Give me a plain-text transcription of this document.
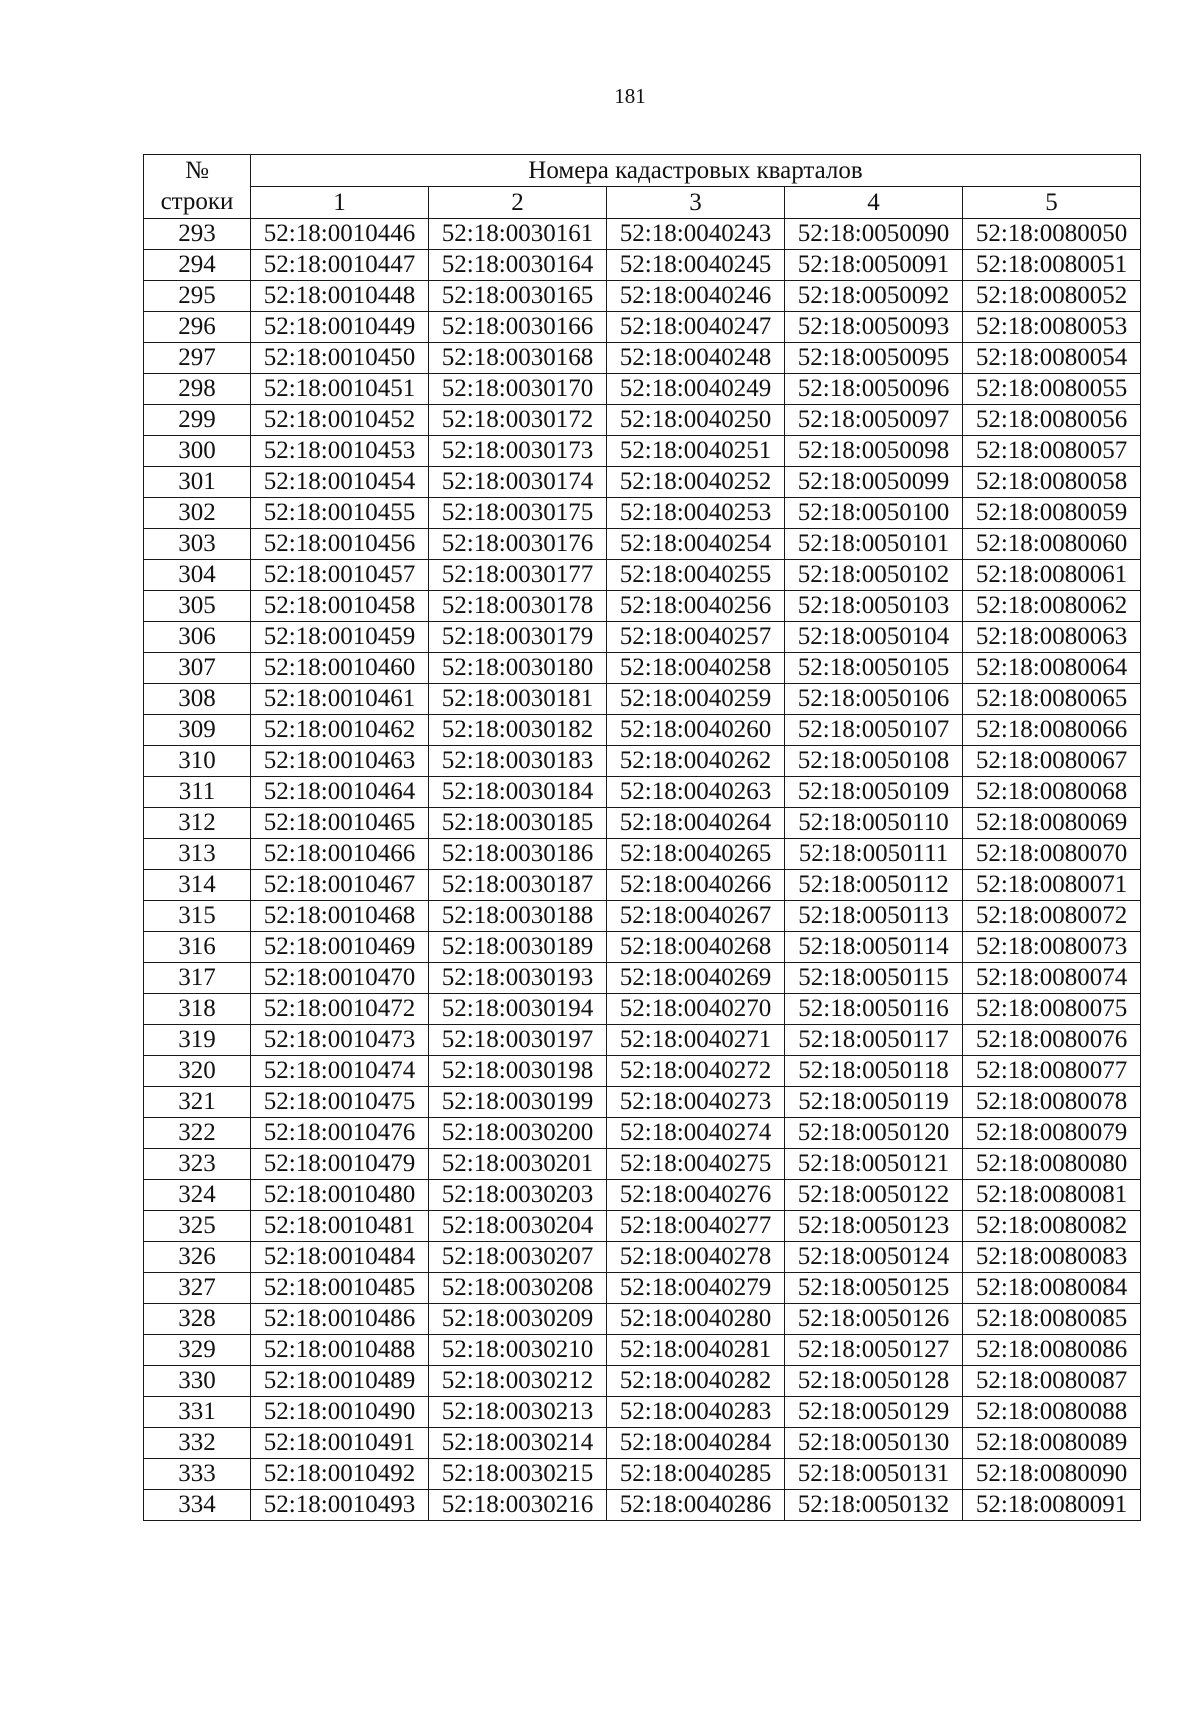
181
№
строки	Номера кадастровых кварталов				
	1	2	3	4	5
293	52:18:0010446	52:18:0030161	52:18:0040243	52:18:0050090	52:18:0080050
294	52:18:0010447	52:18:0030164	52:18:0040245	52:18:0050091	52:18:0080051
295	52:18:0010448	52:18:0030165	52:18:0040246	52:18:0050092	52:18:0080052
296	52:18:0010449	52:18:0030166	52:18:0040247	52:18:0050093	52:18:0080053
297	52:18:0010450	52:18:0030168	52:18:0040248	52:18:0050095	52:18:0080054
298	52:18:0010451	52:18:0030170	52:18:0040249	52:18:0050096	52:18:0080055
299	52:18:0010452	52:18:0030172	52:18:0040250	52:18:0050097	52:18:0080056
300	52:18:0010453	52:18:0030173	52:18:0040251	52:18:0050098	52:18:0080057
301	52:18:0010454	52:18:0030174	52:18:0040252	52:18:0050099	52:18:0080058
302	52:18:0010455	52:18:0030175	52:18:0040253	52:18:0050100	52:18:0080059
303	52:18:0010456	52:18:0030176	52:18:0040254	52:18:0050101	52:18:0080060
304	52:18:0010457	52:18:0030177	52:18:0040255	52:18:0050102	52:18:0080061
305	52:18:0010458	52:18:0030178	52:18:0040256	52:18:0050103	52:18:0080062
306	52:18:0010459	52:18:0030179	52:18:0040257	52:18:0050104	52:18:0080063
307	52:18:0010460	52:18:0030180	52:18:0040258	52:18:0050105	52:18:0080064
308	52:18:0010461	52:18:0030181	52:18:0040259	52:18:0050106	52:18:0080065
309	52:18:0010462	52:18:0030182	52:18:0040260	52:18:0050107	52:18:0080066
310	52:18:0010463	52:18:0030183	52:18:0040262	52:18:0050108	52:18:0080067
311	52:18:0010464	52:18:0030184	52:18:0040263	52:18:0050109	52:18:0080068
312	52:18:0010465	52:18:0030185	52:18:0040264	52:18:0050110	52:18:0080069
313	52:18:0010466	52:18:0030186	52:18:0040265	52:18:0050111	52:18:0080070
314	52:18:0010467	52:18:0030187	52:18:0040266	52:18:0050112	52:18:0080071
315	52:18:0010468	52:18:0030188	52:18:0040267	52:18:0050113	52:18:0080072
316	52:18:0010469	52:18:0030189	52:18:0040268	52:18:0050114	52:18:0080073
317	52:18:0010470	52:18:0030193	52:18:0040269	52:18:0050115	52:18:0080074
318	52:18:0010472	52:18:0030194	52:18:0040270	52:18:0050116	52:18:0080075
319	52:18:0010473	52:18:0030197	52:18:0040271	52:18:0050117	52:18:0080076
320	52:18:0010474	52:18:0030198	52:18:0040272	52:18:0050118	52:18:0080077
321	52:18:0010475	52:18:0030199	52:18:0040273	52:18:0050119	52:18:0080078
322	52:18:0010476	52:18:0030200	52:18:0040274	52:18:0050120	52:18:0080079
323	52:18:0010479	52:18:0030201	52:18:0040275	52:18:0050121	52:18:0080080
324	52:18:0010480	52:18:0030203	52:18:0040276	52:18:0050122	52:18:0080081
325	52:18:0010481	52:18:0030204	52:18:0040277	52:18:0050123	52:18:0080082
326	52:18:0010484	52:18:0030207	52:18:0040278	52:18:0050124	52:18:0080083
327	52:18:0010485	52:18:0030208	52:18:0040279	52:18:0050125	52:18:0080084
328	52:18:0010486	52:18:0030209	52:18:0040280	52:18:0050126	52:18:0080085
329	52:18:0010488	52:18:0030210	52:18:0040281	52:18:0050127	52:18:0080086
330	52:18:0010489	52:18:0030212	52:18:0040282	52:18:0050128	52:18:0080087
331	52:18:0010490	52:18:0030213	52:18:0040283	52:18:0050129	52:18:0080088
332	52:18:0010491	52:18:0030214	52:18:0040284	52:18:0050130	52:18:0080089
333	52:18:0010492	52:18:0030215	52:18:0040285	52:18:0050131	52:18:0080090
334	52:18:0010493	52:18:0030216	52:18:0040286	52:18:0050132	52:18:0080091
